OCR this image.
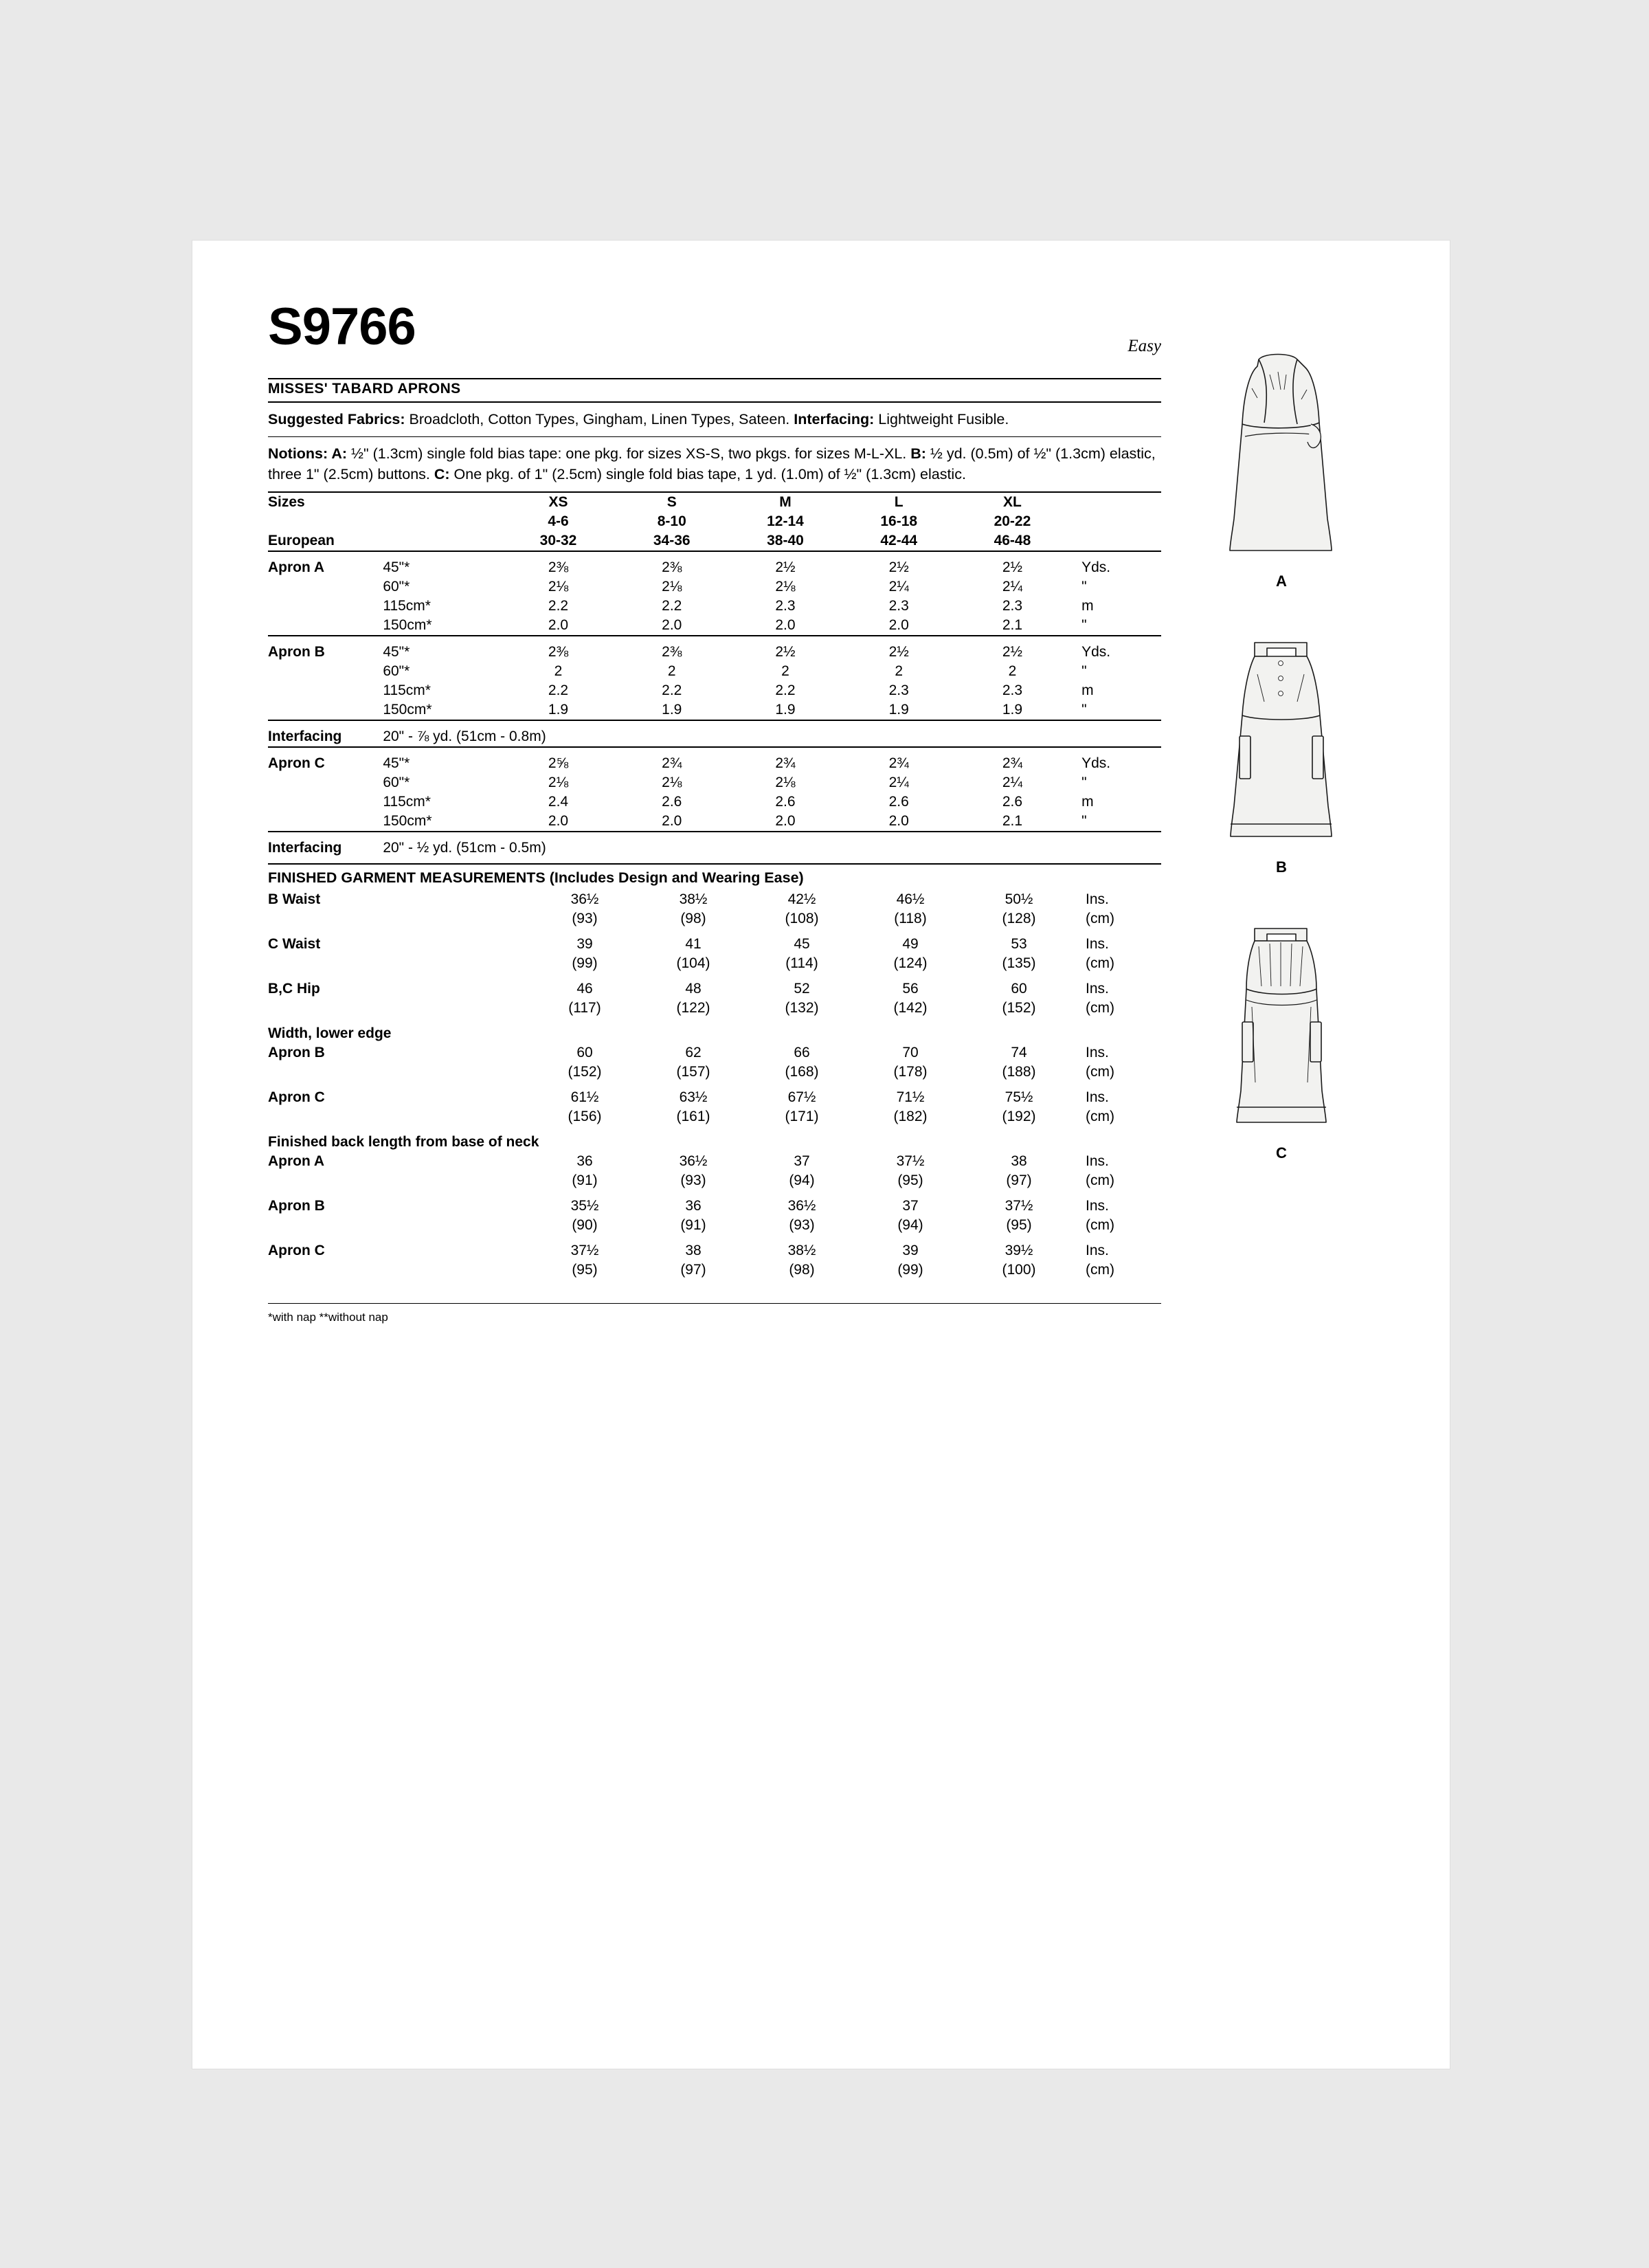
S9766	Easy
MISSES' TABARD APRONS
Suggested Fabrics: Broadcloth, Cotton Types, Gingham, Linen Types, Sateen. Interfacing: Lightweight Fusible.
Notions: A: ½" (1.3cm) single fold bias tape: one pkg. for sizes XS-S, two pkgs. for sizes M-L-XL. B: ½ yd. (0.5m) of ½" (1.3cm) elastic, three 1" (2.5cm) buttons. C: One pkg. of 1" (2.5cm) single fold bias tape, 1 yd. (1.0m) of ½" (1.3cm) elastic.
Sizes		XS	S	M	L	XL	
		4-6	8-10	12-14	16-18	20-22	
European		30-32	34-36	38-40	42-44	46-48	

Apron A	45"*	2⅜	2⅜	2½	2½	2½	Yds.
	60"*	2⅛	2⅛	2⅛	2¼	2¼	"
	115cm*	2.2	2.2	2.3	2.3	2.3	m
	150cm*	2.0	2.0	2.0	2.0	2.1	"

Apron B	45"*	2⅜	2⅜	2½	2½	2½	Yds.
	60"*	2	2	2	2	2	"
	115cm*	2.2	2.2	2.2	2.3	2.3	m
	150cm*	1.9	1.9	1.9	1.9	1.9	"

Interfacing	20" - ⅞ yd. (51cm - 0.8m)						

Apron C	45"*	2⅝	2¾	2¾	2¾	2¾	Yds.
	60"*	2⅛	2⅛	2⅛	2¼	2¼	"
	115cm*	2.4	2.6	2.6	2.6	2.6	m
	150cm*	2.0	2.0	2.0	2.0	2.1	"

Interfacing	20" - ½ yd. (51cm - 0.5m)						
FINISHED GARMENT MEASUREMENTS (Includes Design and Wearing Ease)
B Waist	36½	38½	42½	46½	50½	Ins.
	(93)	(98)	(108)	(118)	(128)	(cm)

C Waist	39	41	45	49	53	Ins.
	(99)	(104)	(114)	(124)	(135)	(cm)

B,C Hip	46	48	52	56	60	Ins.
	(117)	(122)	(132)	(142)	(152)	(cm)

Width, lower edge						
Apron B	60	62	66	70	74	Ins.
	(152)	(157)	(168)	(178)	(188)	(cm)

Apron C	61½	63½	67½	71½	75½	Ins.
	(156)	(161)	(171)	(182)	(192)	(cm)

Finished back length from base of neck						
Apron A	36	36½	37	37½	38	Ins.
	(91)	(93)	(94)	(95)	(97)	(cm)

Apron B	35½	36	36½	37	37½	Ins.
	(90)	(91)	(93)	(94)	(95)	(cm)

Apron C	37½	38	38½	39	39½	Ins.
	(95)	(97)	(98)	(99)	(100)	(cm)
*with nap **without nap
A
B
C
